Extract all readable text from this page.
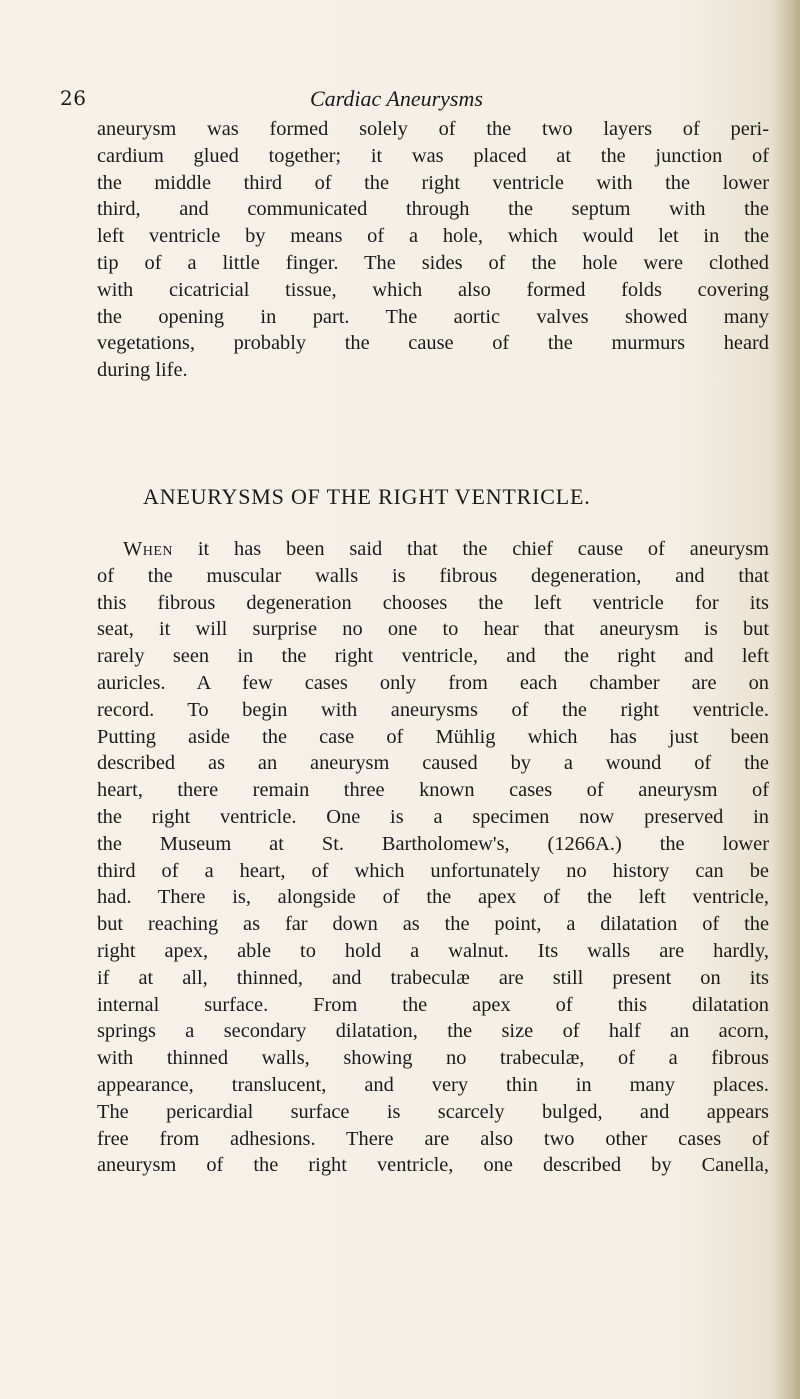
26	Cardiac Aneurysms
aneurysm was formed solely of the two layers of peri-
cardium glued together; it was placed at the junction of
the middle third of the right ventricle with the lower
third, and communicated through the septum with the
left ventricle by means of a hole, which would let in the
tip of a little finger. The sides of the hole were clothed
with cicatricial tissue, which also formed folds covering
the opening in part. The aortic valves showed many
vegetations, probably the cause of the murmurs heard
during life.
ANEURYSMS OF THE RIGHT VENTRICLE.
When it has been said that the chief cause of aneurysm
of the muscular walls is fibrous degeneration, and that
this fibrous degeneration chooses the left ventricle for its
seat, it will surprise no one to hear that aneurysm is but
rarely seen in the right ventricle, and the right and left
auricles. A few cases only from each chamber are on
record. To begin with aneurysms of the right ventricle.
Putting aside the case of Mühlig which has just been
described as an aneurysm caused by a wound of the
heart, there remain three known cases of aneurysm of
the right ventricle. One is a specimen now preserved in
the Museum at St. Bartholomew's, (1266A.) the lower
third of a heart, of which unfortunately no history can be
had. There is, alongside of the apex of the left ventricle,
but reaching as far down as the point, a dilatation of the
right apex, able to hold a walnut. Its walls are hardly,
if at all, thinned, and trabeculæ are still present on its
internal surface. From the apex of this dilatation
springs a secondary dilatation, the size of half an acorn,
with thinned walls, showing no trabeculæ, of a fibrous
appearance, translucent, and very thin in many places.
The pericardial surface is scarcely bulged, and appears
free from adhesions. There are also two other cases of
aneurysm of the right ventricle, one described by Canella,
